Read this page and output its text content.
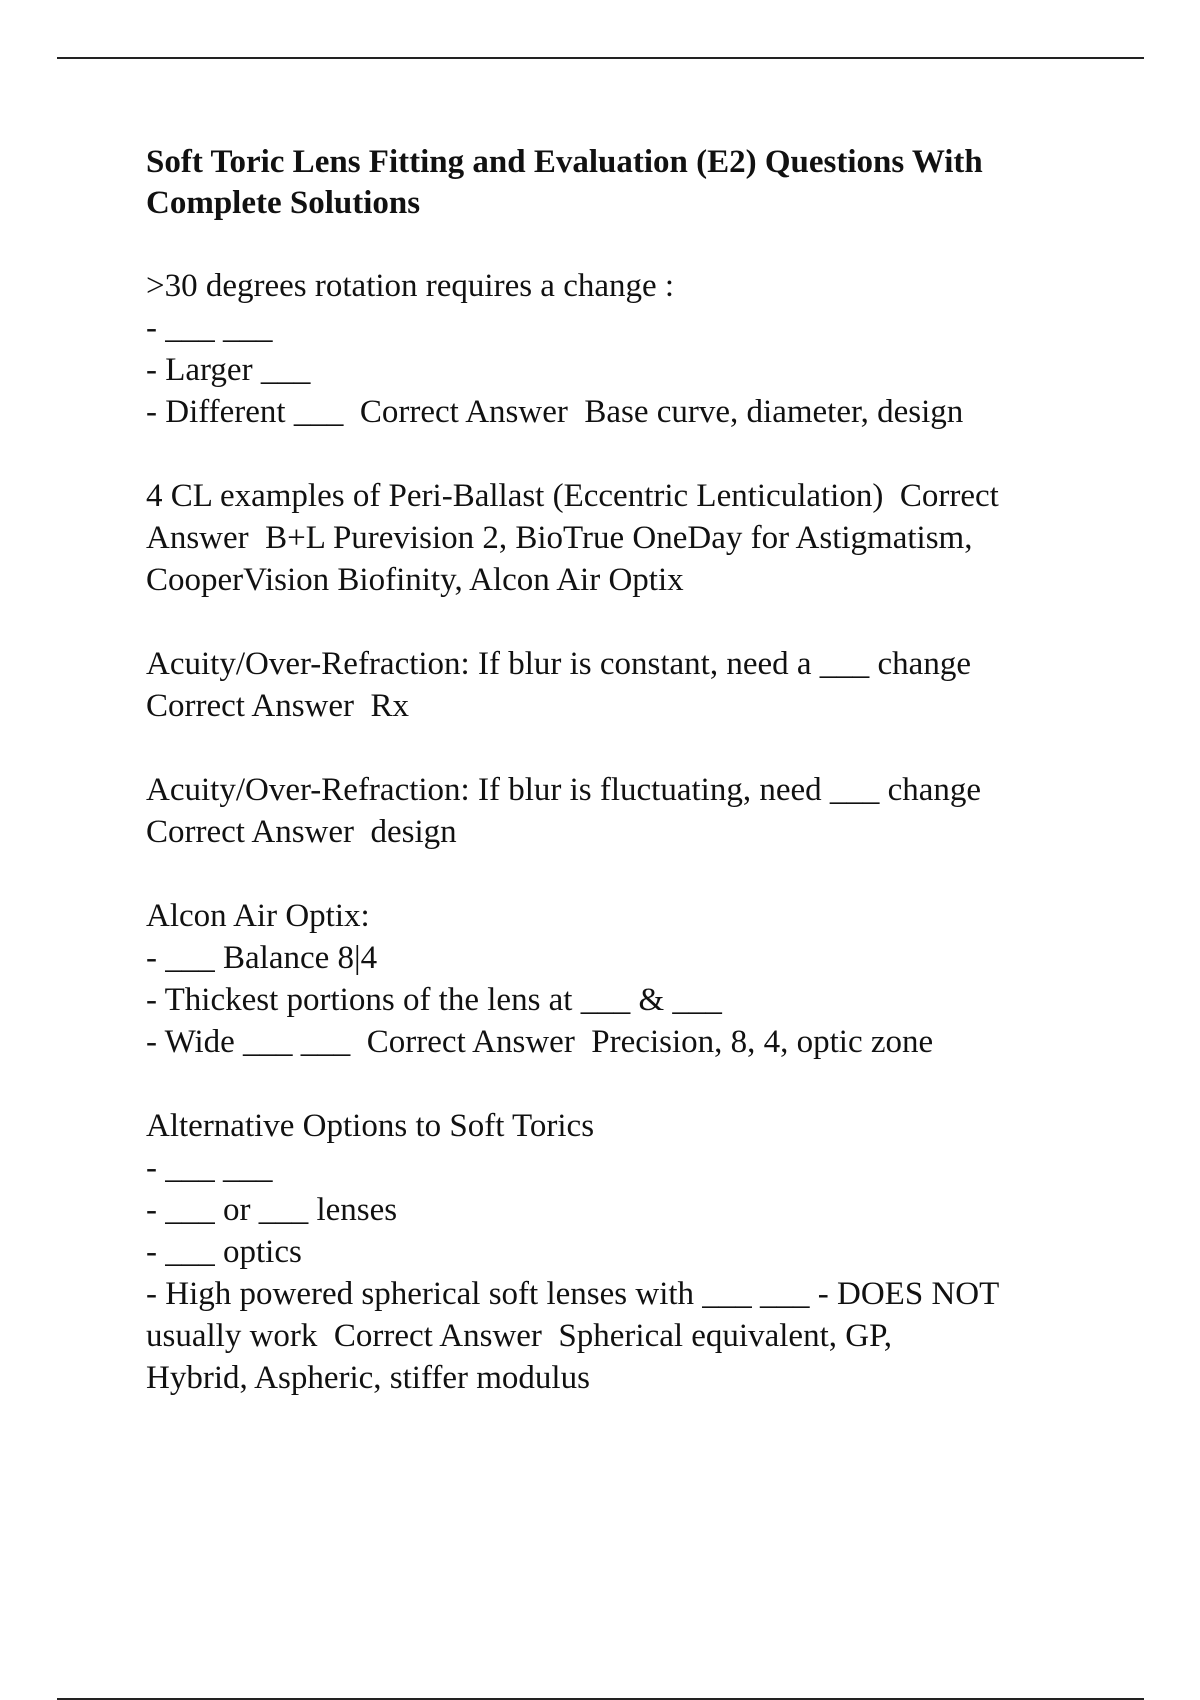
Soft Toric Lens Fitting and Evaluation (E2) Questions With Complete Solutions
>30 degrees rotation requires a change :
- ___ ___
- Larger ___
- Different ___  Correct Answer  Base curve, diameter, design
4 CL examples of Peri-Ballast (Eccentric Lenticulation)  Correct
Answer  B+L Purevision 2, BioTrue OneDay for Astigmatism,
CooperVision Biofinity, Alcon Air Optix
Acuity/Over-Refraction: If blur is constant, need a ___ change
Correct Answer  Rx
Acuity/Over-Refraction: If blur is fluctuating, need ___ change
Correct Answer  design
Alcon Air Optix:
- ___ Balance 8|4
- Thickest portions of the lens at ___ & ___
- Wide ___ ___  Correct Answer  Precision, 8, 4, optic zone
Alternative Options to Soft Torics
- ___ ___
- ___ or ___ lenses
- ___ optics
- High powered spherical soft lenses with ___ ___ - DOES NOT
usually work  Correct Answer  Spherical equivalent, GP,
Hybrid, Aspheric, stiffer modulus
